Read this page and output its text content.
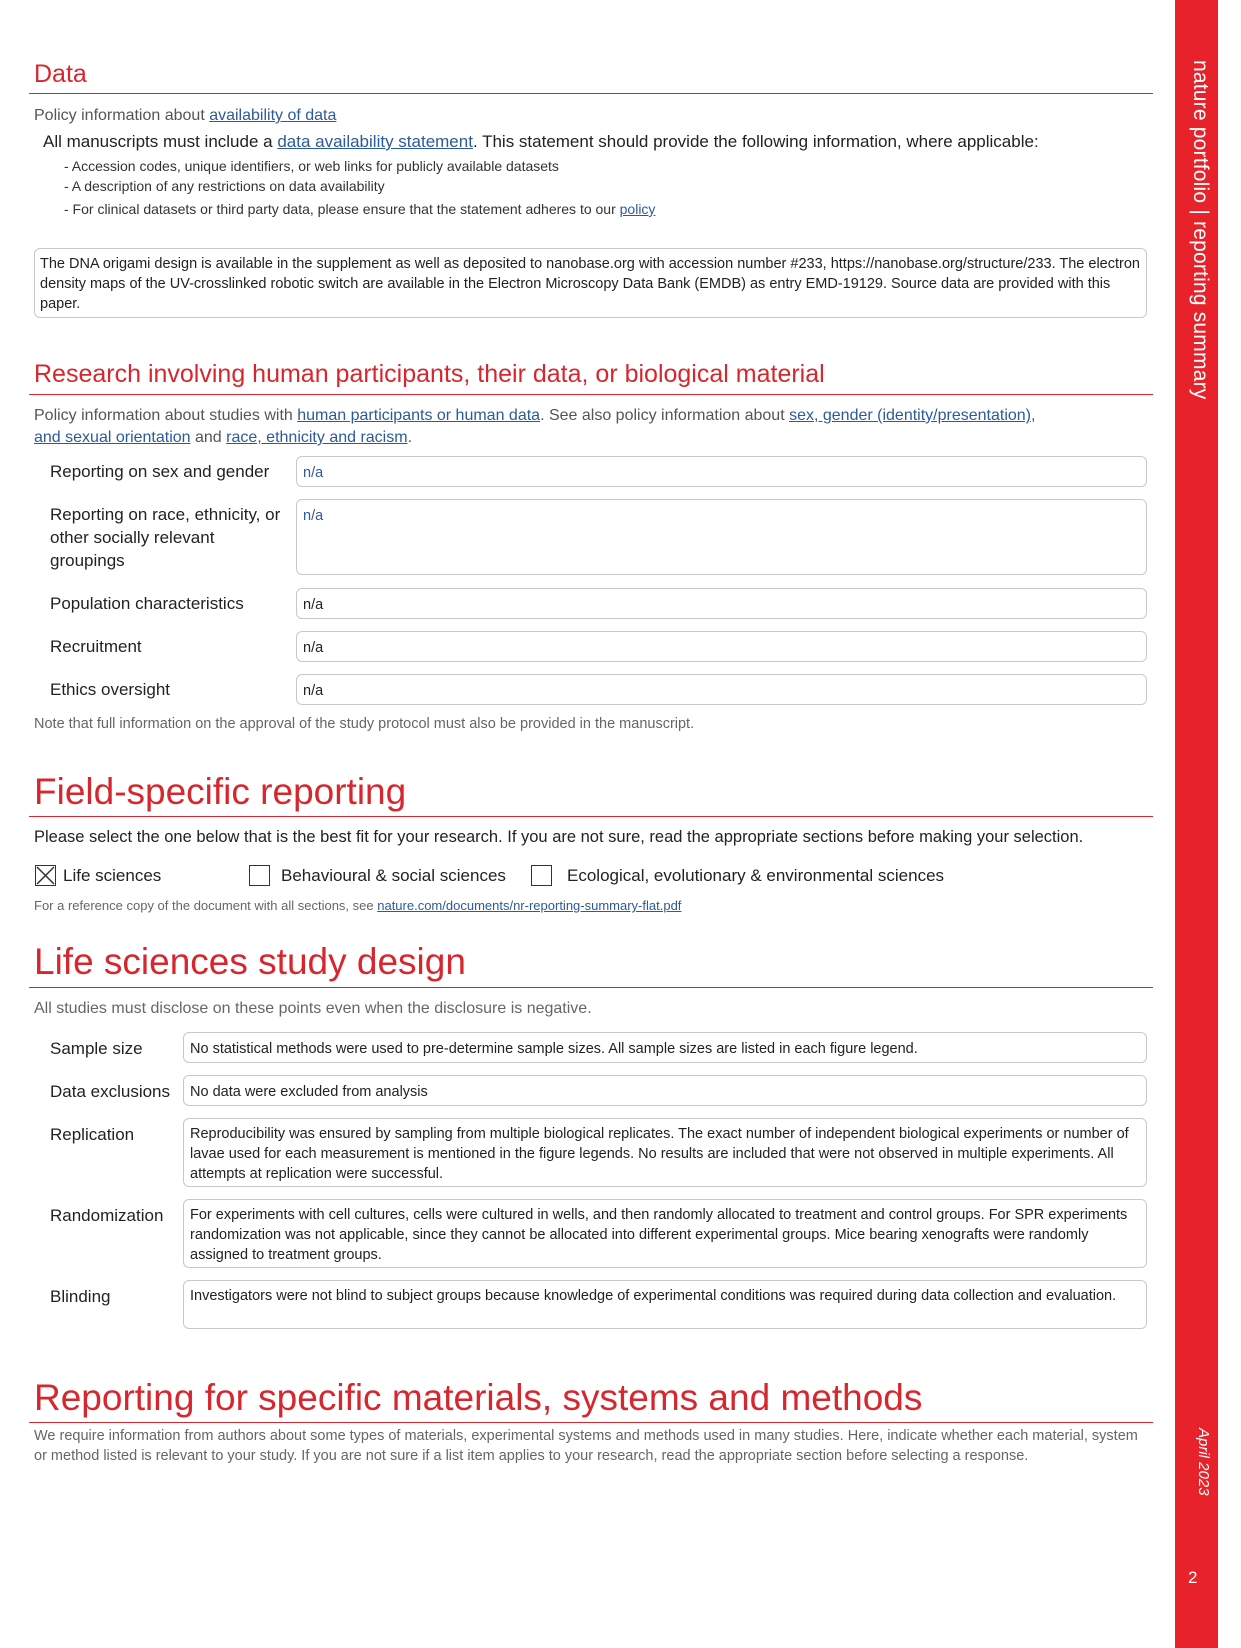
nature portfolio | reporting summary
April 2023
2
Data
Policy information about availability of data
All manuscripts must include a data availability statement. This statement should provide the following information, where applicable:
- Accession codes, unique identifiers, or web links for publicly available datasets
- A description of any restrictions on data availability
- For clinical datasets or third party data, please ensure that the statement adheres to our policy
The DNA origami design is available in the supplement as well as deposited to nanobase.org with accession number #233, https://nanobase.org/structure/233. The electron density maps of the UV-crosslinked robotic switch are available in the Electron Microscopy Data Bank (EMDB) as entry EMD-19129. Source data are provided with this paper.
Research involving human participants, their data, or biological material
Policy information about studies with human participants or human data. See also policy information about sex, gender (identity/presentation),
and sexual orientation and race, ethnicity and racism.
Reporting on sex and gender	n/a
Reporting on race, ethnicity, or
other socially relevant
groupings
n/a
Population characteristics	n/a
Recruitment	n/a
Ethics oversight	n/a
Note that full information on the approval of the study protocol must also be provided in the manuscript.
Field-specific reporting
Please select the one below that is the best fit for your research. If you are not sure, read the appropriate sections before making your selection.
Life sciences	Behavioural & social sciences	Ecological, evolutionary & environmental sciences
For a reference copy of the document with all sections, see nature.com/documents/nr-reporting-summary-flat.pdf
Life sciences study design
All studies must disclose on these points even when the disclosure is negative.
Sample size	No statistical methods were used to pre-determine sample sizes. All sample sizes are listed in each figure legend.
Data exclusions	No data were excluded from analysis
Replication	Reproducibility was ensured by sampling from multiple biological replicates. The exact number of independent biological experiments or number of lavae used for each measurement is mentioned in the figure legends. No results are included that were not observed in multiple experiments. All attempts at replication were successful.
Randomization	For experiments with cell cultures, cells were cultured in wells, and then randomly allocated to treatment and control groups. For SPR experiments randomization was not applicable, since they cannot be allocated into different experimental groups. Mice bearing xenografts were randomly assigned to treatment groups.
Blinding	Investigators were not blind to subject groups because knowledge of experimental conditions was required during data collection and evaluation.
Reporting for specific materials, systems and methods
We require information from authors about some types of materials, experimental systems and methods used in many studies. Here, indicate whether each material, system or method listed is relevant to your study. If you are not sure if a list item applies to your research, read the appropriate section before selecting a response.
